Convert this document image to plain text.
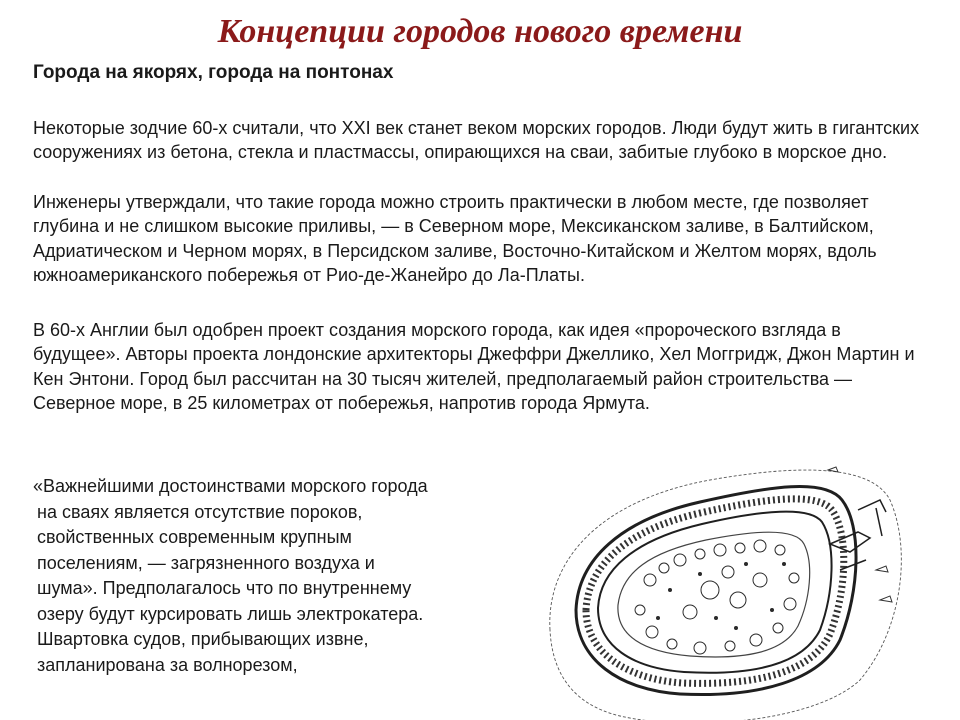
Концепции городов нового времени
Города на якорях, города на понтонах

Некоторые зодчие 60-х считали, что XXI век станет веком морских городов. Люди будут жить в гигантских сооружениях из бетона, стекла и пластмассы, опирающихся на сваи, забитые глубоко в морское дно.

Инженеры утверждали, что такие города можно строить практически в любом месте, где позволяет глубина и не слишком высокие приливы, — в Северном море, Мексиканском заливе, в Балтийском, Адриатическом и Черном морях, в Персидском заливе, Восточно-Китайском и Желтом морях, вдоль южноамериканского побережья от Рио-де-Жанейро до Ла-Платы.

В 60-х Англии был одобрен проект создания морского города, как идея «пророческого взгляда в будущее». Авторы проекта лондонские архитекторы Джеффри Джеллико, Хел Моггридж, Джон Мартин и Кен Энтони. Город был рассчитан на 30 тысяч жителей, предполагаемый район строительства — Северное море, в 25 километрах от побережья, напротив города Ярмута.

«Важнейшими достоинствами морского города
на сваях является отсутствие пороков,
свойственных современным крупным
поселениям, — загрязненного воздуха и
шума». Предполагалось что по внутреннему
озеру будут курсировать лишь электрокатера.
Швартовка судов, прибывающих извне,
запланирована за волнорезом,
